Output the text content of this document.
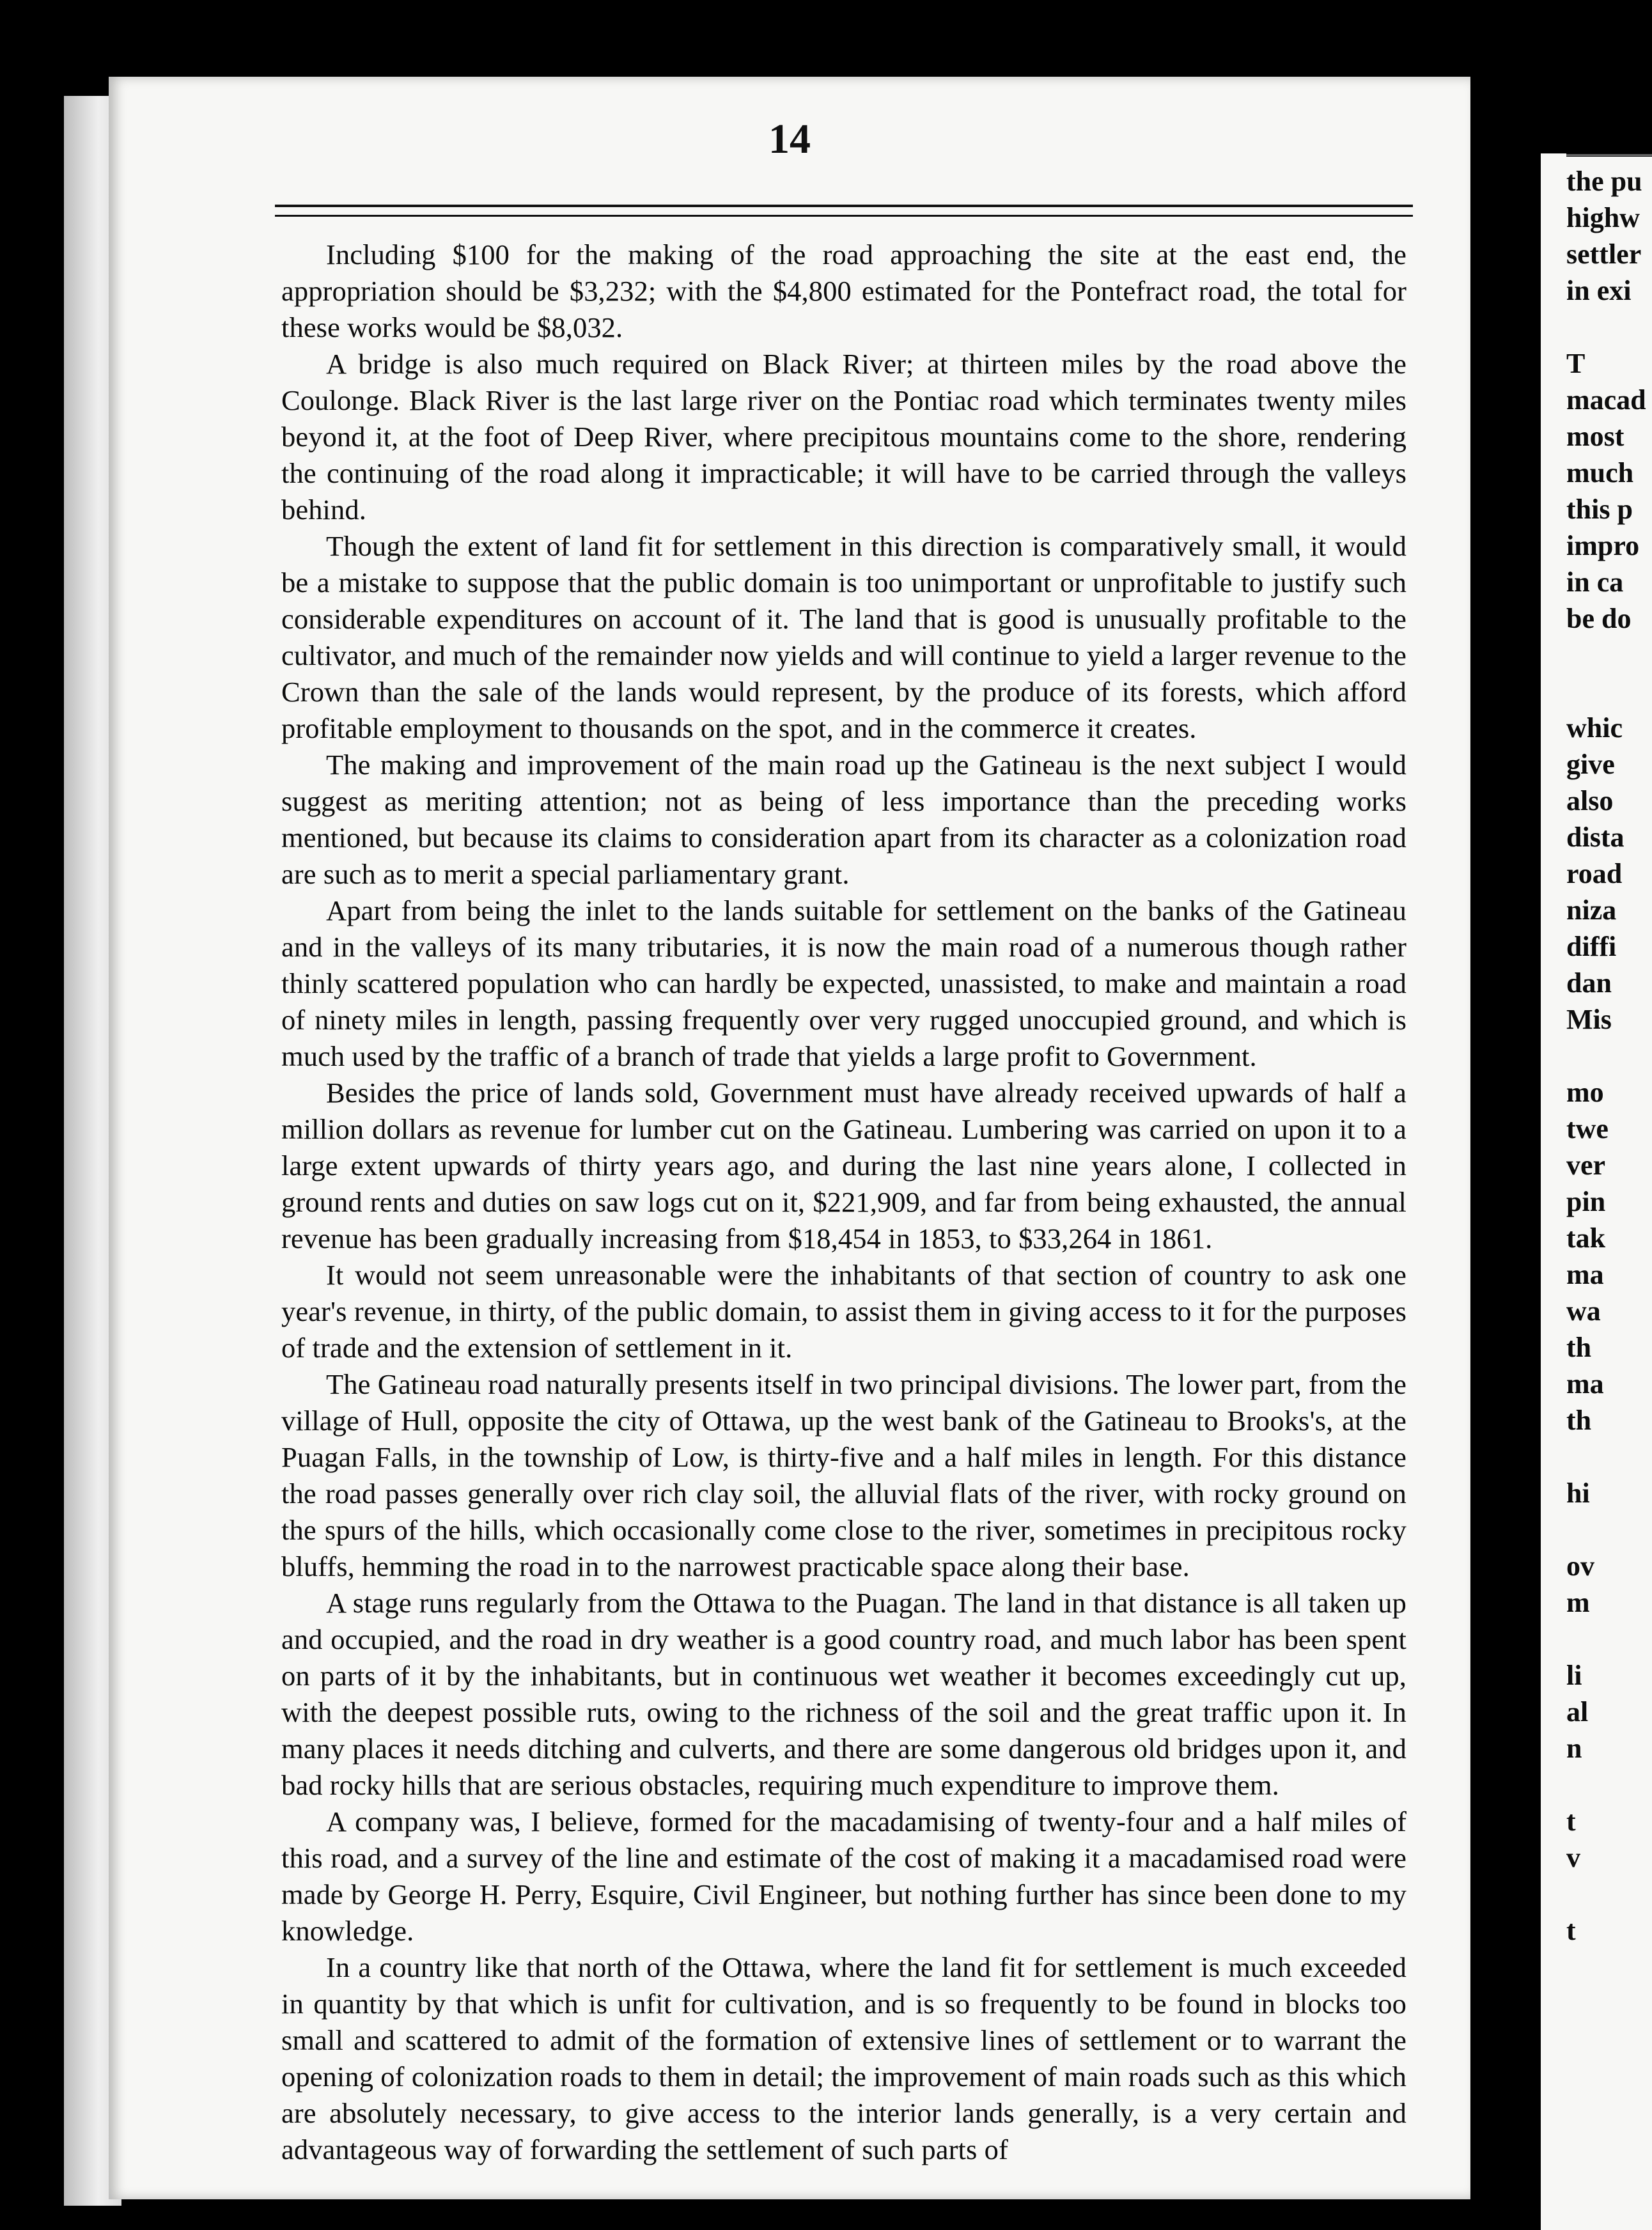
14

Including $100 for the making of the road approaching the site at the east end, the appropriation should be $3,232; with the $4,800 estimated for the Pontefract road, the total for these works would be $8,032.

A bridge is also much required on Black River; at thirteen miles by the road above the Coulonge. Black River is the last large river on the Pontiac road which terminates twenty miles beyond it, at the foot of Deep River, where precipitous mountains come to the shore, rendering the continuing of the road along it impracticable; it will have to be carried through the valleys behind.

Though the extent of land fit for settlement in this direction is comparatively small, it would be a mistake to suppose that the public domain is too unimportant or unprofitable to justify such considerable expenditures on account of it. The land that is good is unusually profitable to the cultivator, and much of the remainder now yields and will continue to yield a larger revenue to the Crown than the sale of the lands would represent, by the produce of its forests, which afford profitable employment to thousands on the spot, and in the commerce it creates.

The making and improvement of the main road up the Gatineau is the next subject I would suggest as meriting attention; not as being of less importance than the preceding works mentioned, but because its claims to consideration apart from its character as a colonization road are such as to merit a special parliamentary grant.

Apart from being the inlet to the lands suitable for settlement on the banks of the Gatineau and in the valleys of its many tributaries, it is now the main road of a numerous though rather thinly scattered population who can hardly be expected, unassisted, to make and maintain a road of ninety miles in length, passing frequently over very rugged unoccupied ground, and which is much used by the traffic of a branch of trade that yields a large profit to Government.

Besides the price of lands sold, Government must have already received upwards of half a million dollars as revenue for lumber cut on the Gatineau. Lumbering was carried on upon it to a large extent upwards of thirty years ago, and during the last nine years alone, I collected in ground rents and duties on saw logs cut on it, $221,909, and far from being exhausted, the annual revenue has been gradually increasing from $18,454 in 1853, to $33,264 in 1861.

It would not seem unreasonable were the inhabitants of that section of country to ask one year's revenue, in thirty, of the public domain, to assist them in giving access to it for the purposes of trade and the extension of settlement in it.

The Gatineau road naturally presents itself in two principal divisions. The lower part, from the village of Hull, opposite the city of Ottawa, up the west bank of the Gatineau to Brooks's, at the Puagan Falls, in the township of Low, is thirty-five and a half miles in length. For this distance the road passes generally over rich clay soil, the alluvial flats of the river, with rocky ground on the spurs of the hills, which occasionally come close to the river, sometimes in precipitous rocky bluffs, hemming the road in to the narrowest practicable space along their base.

A stage runs regularly from the Ottawa to the Puagan. The land in that distance is all taken up and occupied, and the road in dry weather is a good country road, and much labor has been spent on parts of it by the inhabitants, but in continuous wet weather it becomes exceedingly cut up, with the deepest possible ruts, owing to the richness of the soil and the great traffic upon it. In many places it needs ditching and culverts, and there are some dangerous old bridges upon it, and bad rocky hills that are serious obstacles, requiring much expenditure to improve them.

A company was, I believe, formed for the macadamising of twenty-four and a half miles of this road, and a survey of the line and estimate of the cost of making it a macadamised road were made by George H. Perry, Esquire, Civil Engineer, but nothing further has since been done to my knowledge.

In a country like that north of the Ottawa, where the land fit for settlement is much exceeded in quantity by that which is unfit for cultivation, and is so frequently to be found in blocks too small and scattered to admit of the formation of extensive lines of settlement or to warrant the opening of colonization roads to them in detail; the improvement of main roads such as this which are absolutely necessary, to give access to the interior lands generally, is a very certain and advantageous way of forwarding the settlement of such parts of

the pu
highw
settler
in exi

T
macad
most
much
this p
impro
in ca
be do

whic
give
also
dista
road
niza
diffi
dan
Mis

mo
twe
ver
pin
tak
ma
wa
th
ma
th

hi

ov
m

li
al
n

t
v

t
